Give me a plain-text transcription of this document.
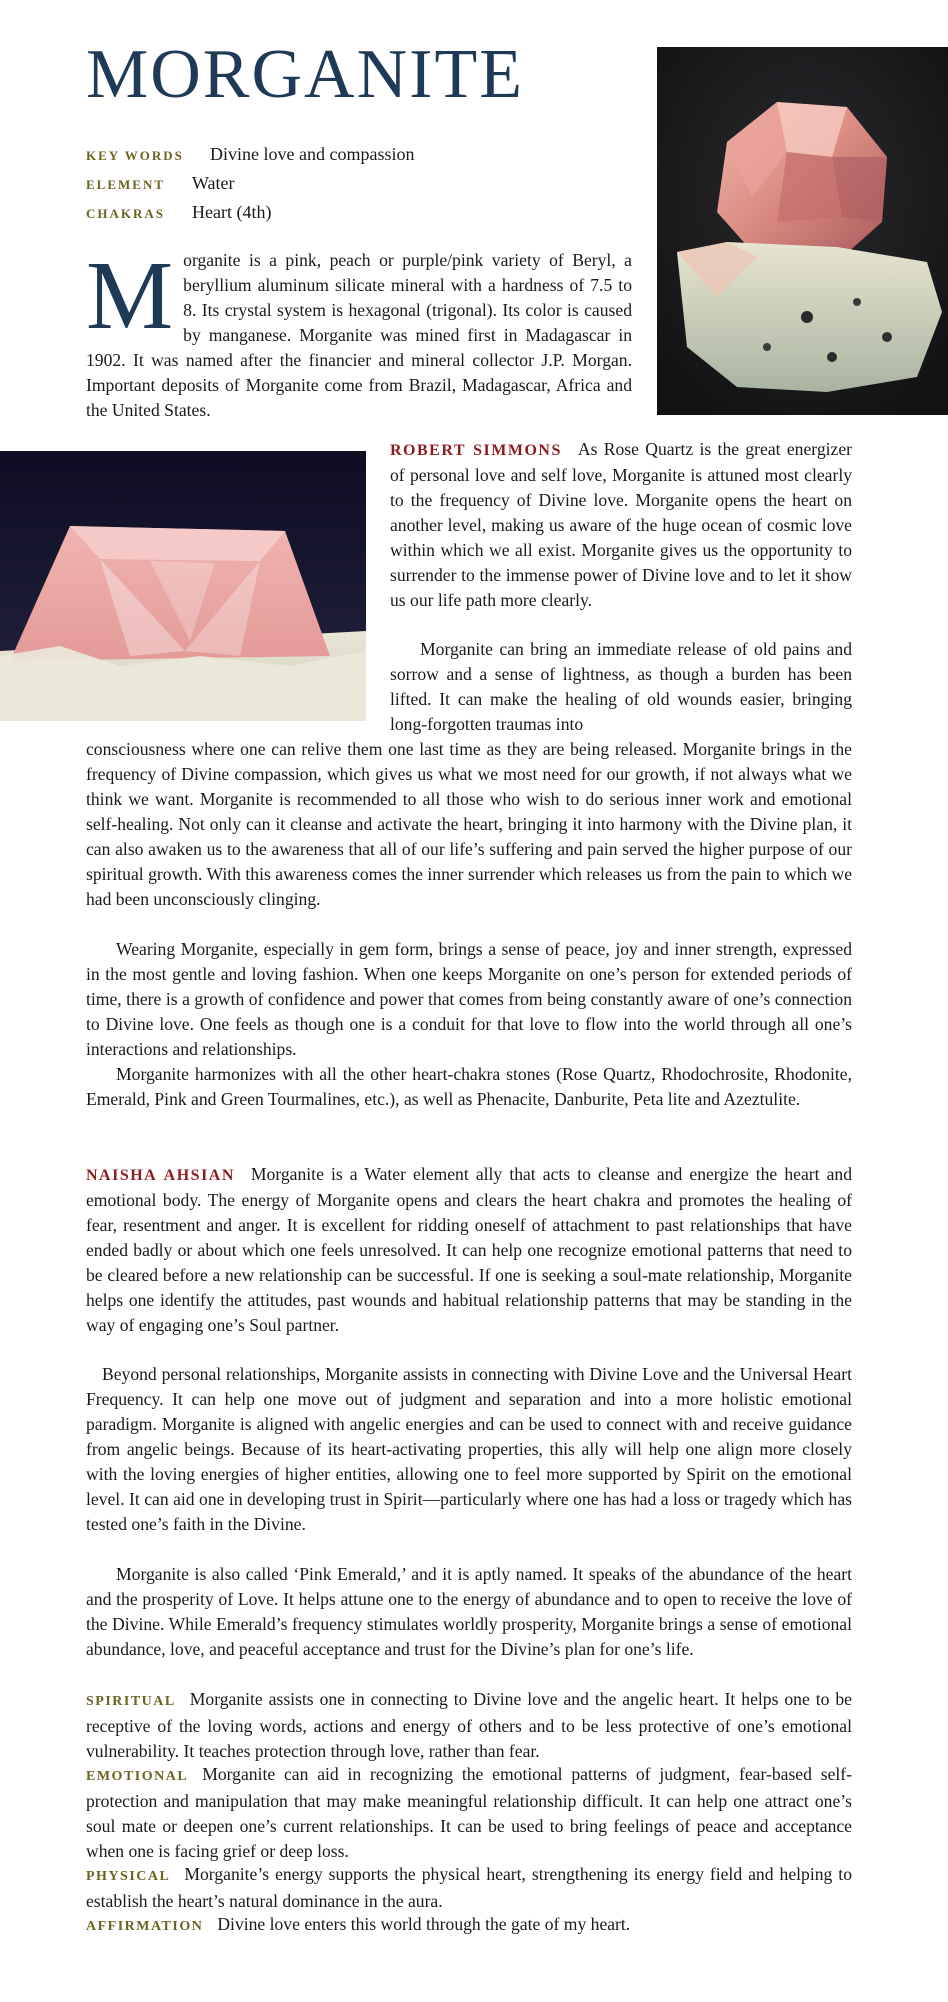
MORGANITE
KEY WORDS Divine love and compassion
ELEMENT Water
CHAKRAS Heart (4th)
Morganite is a pink, peach or purple/pink variety of Beryl, a beryllium aluminum silicate mineral with a hardness of 7.5 to 8. Its crystal system is hexagonal (trigonal). Its color is caused by manganese. Morganite was mined first in Madagascar in 1902. It was named after the financier and mineral collector J.P. Morgan. Important deposits of Morganite come from Brazil, Madagascar, Africa and the United States.
ROBERT SIMMONS As Rose Quartz is the great energizer of personal love and self love, Morganite is attuned most clearly to the frequency of Divine love. Morganite opens the heart on another level, making us aware of the huge ocean of cosmic love within which we all exist. Morganite gives us the opportunity to surrender to the immense power of Divine love and to let it show us our life path more clearly.
Morganite can bring an immediate release of old pains and sorrow and a sense of lightness, as though a burden has been lifted. It can make the healing of old wounds easier, bringing long-forgotten traumas into
consciousness where one can relive them one last time as they are being released. Morganite brings in the frequency of Divine compassion, which gives us what we most need for our growth, if not always what we think we want. Morganite is recommended to all those who wish to do serious inner work and emotional self-healing. Not only can it cleanse and activate the heart, bringing it into harmony with the Divine plan, it can also awaken us to the awareness that all of our life’s suffering and pain served the higher purpose of our spiritual growth. With this awareness comes the inner surrender which releases us from the pain to which we had been unconsciously clinging.
Wearing Morganite, especially in gem form, brings a sense of peace, joy and inner strength, expressed in the most gentle and loving fashion. When one keeps Morganite on one’s person for extended periods of time, there is a growth of confidence and power that comes from being constantly aware of one’s connection to Divine love. One feels as though one is a conduit for that love to flow into the world through all one’s interactions and relationships.
Morganite harmonizes with all the other heart-chakra stones (Rose Quartz, Rhodochrosite, Rhodonite, Emerald, Pink and Green Tourmalines, etc.), as well as Phenacite, Danburite, Peta lite and Azeztulite.
NAISHA AHSIAN Morganite is a Water element ally that acts to cleanse and energize the heart and emotional body. The energy of Morganite opens and clears the heart chakra and promotes the healing of fear, resentment and anger. It is excellent for ridding oneself of attachment to past relationships that have ended badly or about which one feels unresolved. It can help one recognize emotional patterns that need to be cleared before a new relationship can be successful. If one is seeking a soul-mate relationship, Morganite helps one identify the attitudes, past wounds and habitual relationship patterns that may be standing in the way of engaging one’s Soul partner.
Beyond personal relationships, Morganite assists in connecting with Divine Love and the Universal Heart Frequency. It can help one move out of judgment and separation and into a more holistic emotional paradigm. Morganite is aligned with angelic energies and can be used to connect with and receive guidance from angelic beings. Because of its heart-activating properties, this ally will help one align more closely with the loving energies of higher entities, allowing one to feel more supported by Spirit on the emotional level. It can aid one in developing trust in Spirit—particularly where one has had a loss or tragedy which has tested one’s faith in the Divine.
Morganite is also called ‘Pink Emerald,’ and it is aptly named. It speaks of the abundance of the heart and the prosperity of Love. It helps attune one to the energy of abundance and to open to receive the love of the Divine. While Emerald’s frequency stimulates worldly prosperity, Morganite brings a sense of emotional abundance, love, and peaceful acceptance and trust for the Divine’s plan for one’s life.
SPIRITUAL Morganite assists one in connecting to Divine love and the angelic heart. It helps one to be receptive of the loving words, actions and energy of others and to be less protective of one’s emotional vulnerability. It teaches protection through love, rather than fear.
EMOTIONAL Morganite can aid in recognizing the emotional patterns of judgment, fear-based self-protection and manipulation that may make meaningful relationship difficult. It can help one attract one’s soul mate or deepen one’s current relationships. It can be used to bring feelings of peace and acceptance when one is facing grief or deep loss.
PHYSICAL Morganite’s energy supports the physical heart, strengthening its energy field and helping to establish the heart’s natural dominance in the aura.
AFFIRMATION Divine love enters this world through the gate of my heart.
